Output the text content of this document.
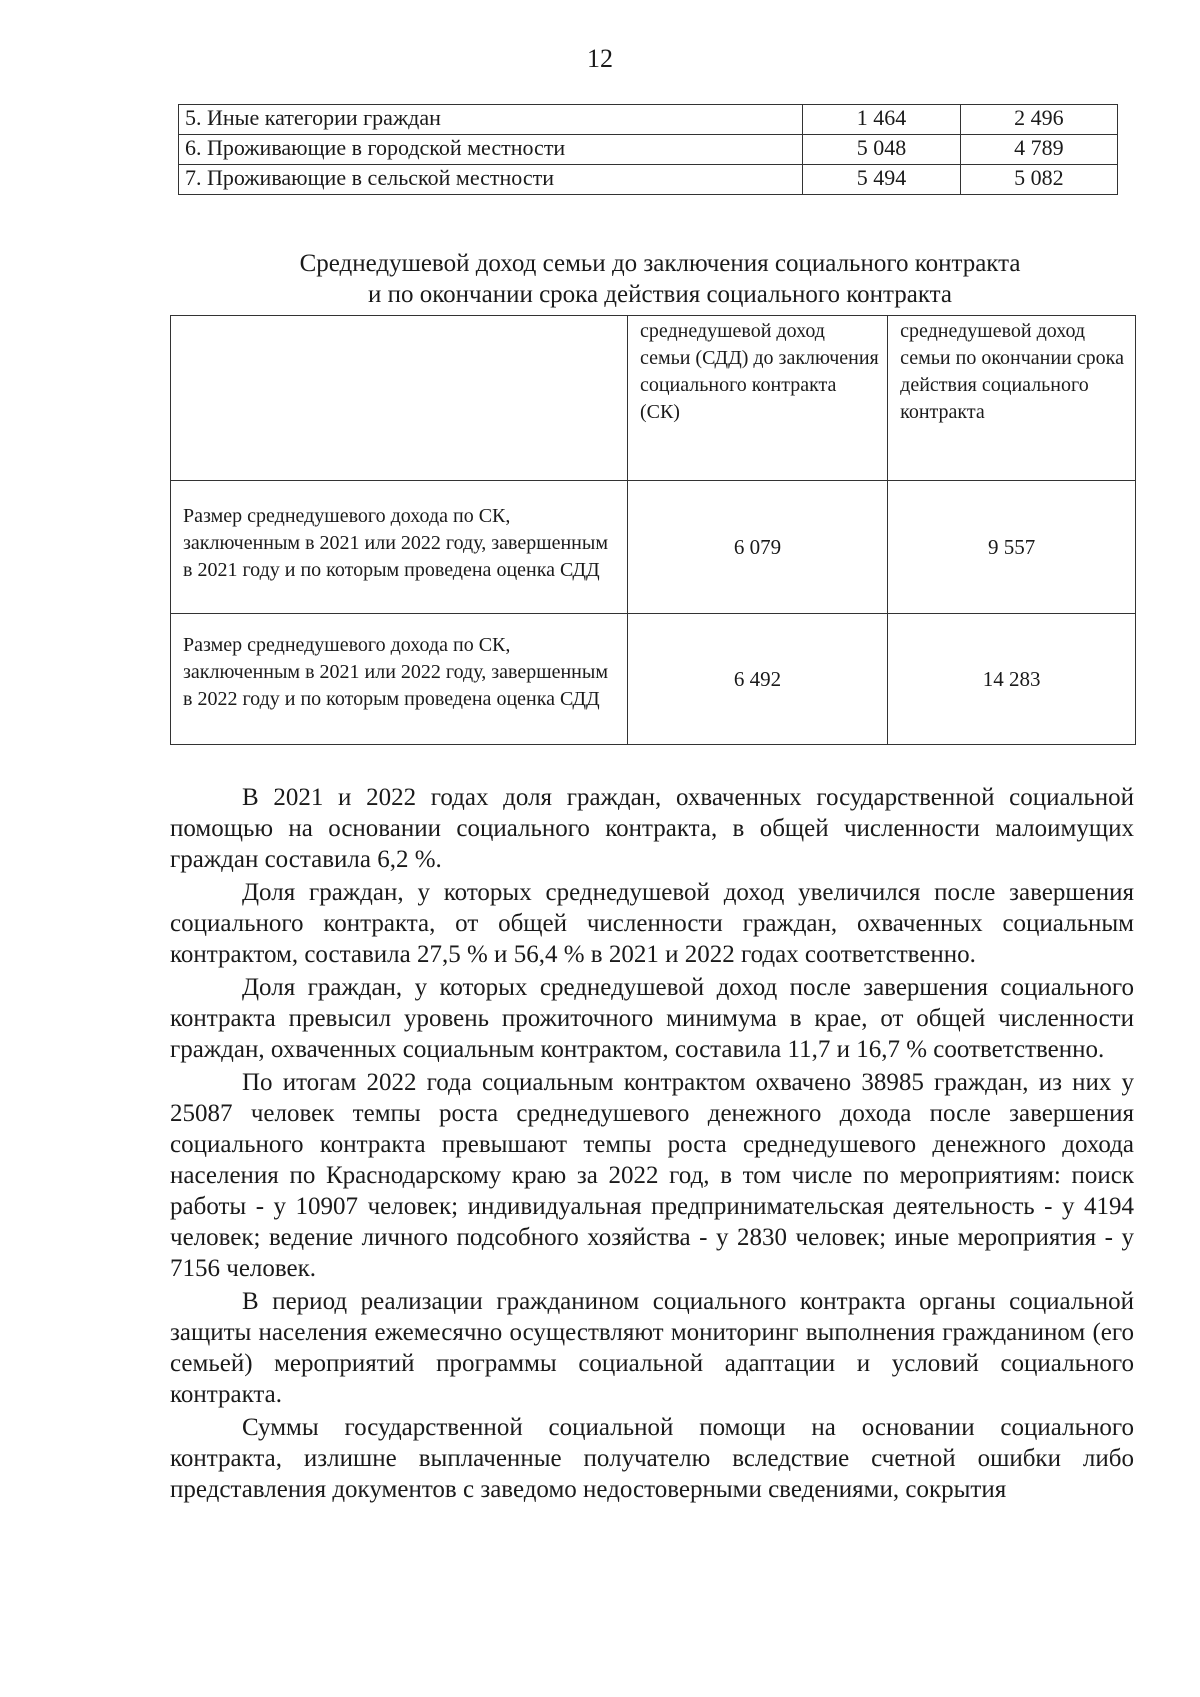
12
5. Иные категории граждан	1 464	2 496
6. Проживающие в городской местности	5 048	4 789
7. Проживающие в сельской местности	5 494	5 082
Среднедушевой доход семьи до заключения социального контракта
и по окончании срока действия социального контракта
	среднедушевой доход семьи (СДД) до заключения социального контракта (СК)	среднедушевой доход семьи по окончании срока действия социального контракта
Размер среднедушевого дохода по СК, заключенным в 2021 или 2022 году, завершенным в 2021 году и по которым проведена оценка СДД	6 079	9 557
Размер среднедушевого дохода по СК, заключенным в 2021 или 2022 году, завершенным в 2022 году и по которым проведена оценка СДД	6 492	14 283

В 2021 и 2022 годах доля граждан, охваченных государственной социальной помощью на основании социального контракта, в общей численности малоимущих граждан составила 6,2 %.

Доля граждан, у которых среднедушевой доход увеличился после завершения социального контракта, от общей численности граждан, охваченных социальным контрактом, составила 27,5 % и 56,4 % в 2021 и 2022 годах соответственно.

Доля граждан, у которых среднедушевой доход после завершения социального контракта превысил уровень прожиточного минимума в крае, от общей численности граждан, охваченных социальным контрактом, составила 11,7 и 16,7 % соответственно.

По итогам 2022 года социальным контрактом охвачено 38985 граждан, из них у 25087 человек темпы роста среднедушевого денежного дохода после завершения социального контракта превышают темпы роста среднедушевого денежного дохода населения по Краснодарскому краю за 2022 год, в том числе по мероприятиям: поиск работы - у 10907 человек; индивидуальная предпринимательская деятельность - у 4194 человек; ведение личного подсобного хозяйства - у 2830 человек; иные мероприятия - у 7156 человек.

В период реализации гражданином социального контракта органы социальной защиты населения ежемесячно осуществляют мониторинг выполнения гражданином (его семьей) мероприятий программы социальной адаптации и условий социального контракта.

Суммы государственной социальной помощи на основании социального контракта, излишне выплаченные получателю вследствие счетной ошибки либо представления документов с заведомо недостоверными сведениями, сокрытия
